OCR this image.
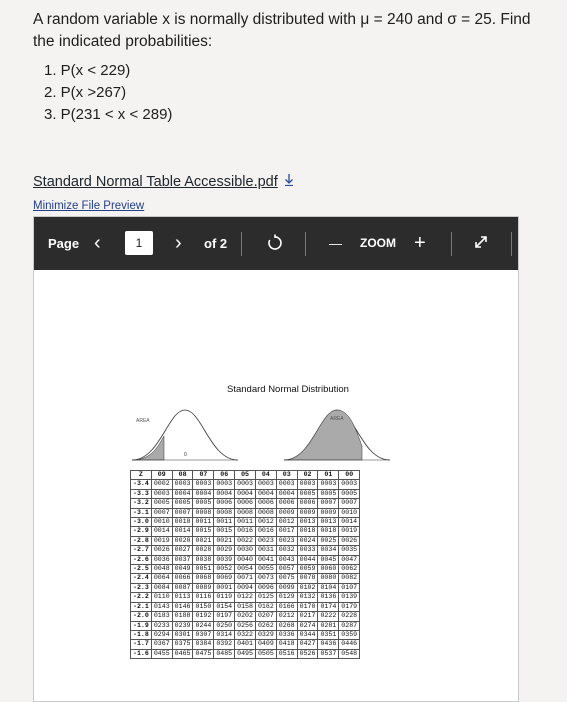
A random variable x is normally distributed with μ = 240 and σ = 25. Find the indicated probabilities:
1. P(x < 229)
2. P(x >267)
3. P(231 < x < 289)
Standard Normal Table Accessible.pdf
Minimize File Preview
Page ‹	1	› of 2	— ZOOM +
Standard Normal Distribution
AREA
0
AREA
Z	09	08	07	06	05	04	03	02	01	00
-3.4	0002	0003	0003	0003	0003	0003	0003	0003	0003	0003
-3.3	0003	0004	0004	0004	0004	0004	0004	0005	0005	0005
-3.2	0005	0005	0005	0006	0006	0006	0006	0006	0007	0007
-3.1	0007	0007	0008	0008	0008	0008	0009	0009	0009	0010
-3.0	0010	0010	0011	0011	0011	0012	0012	0013	0013	0014
-2.9	0014	0014	0015	0015	0016	0016	0017	0018	0018	0019
-2.8	0019	0020	0021	0021	0022	0023	0023	0024	0025	0026
-2.7	0026	0027	0028	0029	0030	0031	0032	0033	0034	0035
-2.6	0036	0037	0038	0039	0040	0041	0043	0044	0045	0047
-2.5	0048	0049	0051	0052	0054	0055	0057	0059	0060	0062
-2.4	0064	0066	0068	0069	0071	0073	0075	0078	0080	0082
-2.3	0084	0087	0089	0091	0094	0096	0099	0102	0104	0107
-2.2	0110	0113	0116	0119	0122	0125	0129	0132	0136	0139
-2.1	0143	0146	0150	0154	0158	0162	0166	0170	0174	0179
-2.0	0183	0188	0192	0197	0202	0207	0212	0217	0222	0228
-1.9	0233	0239	0244	0250	0256	0262	0268	0274	0281	0287
-1.8	0294	0301	0307	0314	0322	0329	0336	0344	0351	0359
-1.7	0367	0375	0384	0392	0401	0409	0418	0427	0436	0446
-1.6	0455	0465	0475	0485	0495	0505	0516	0526	0537	0548
